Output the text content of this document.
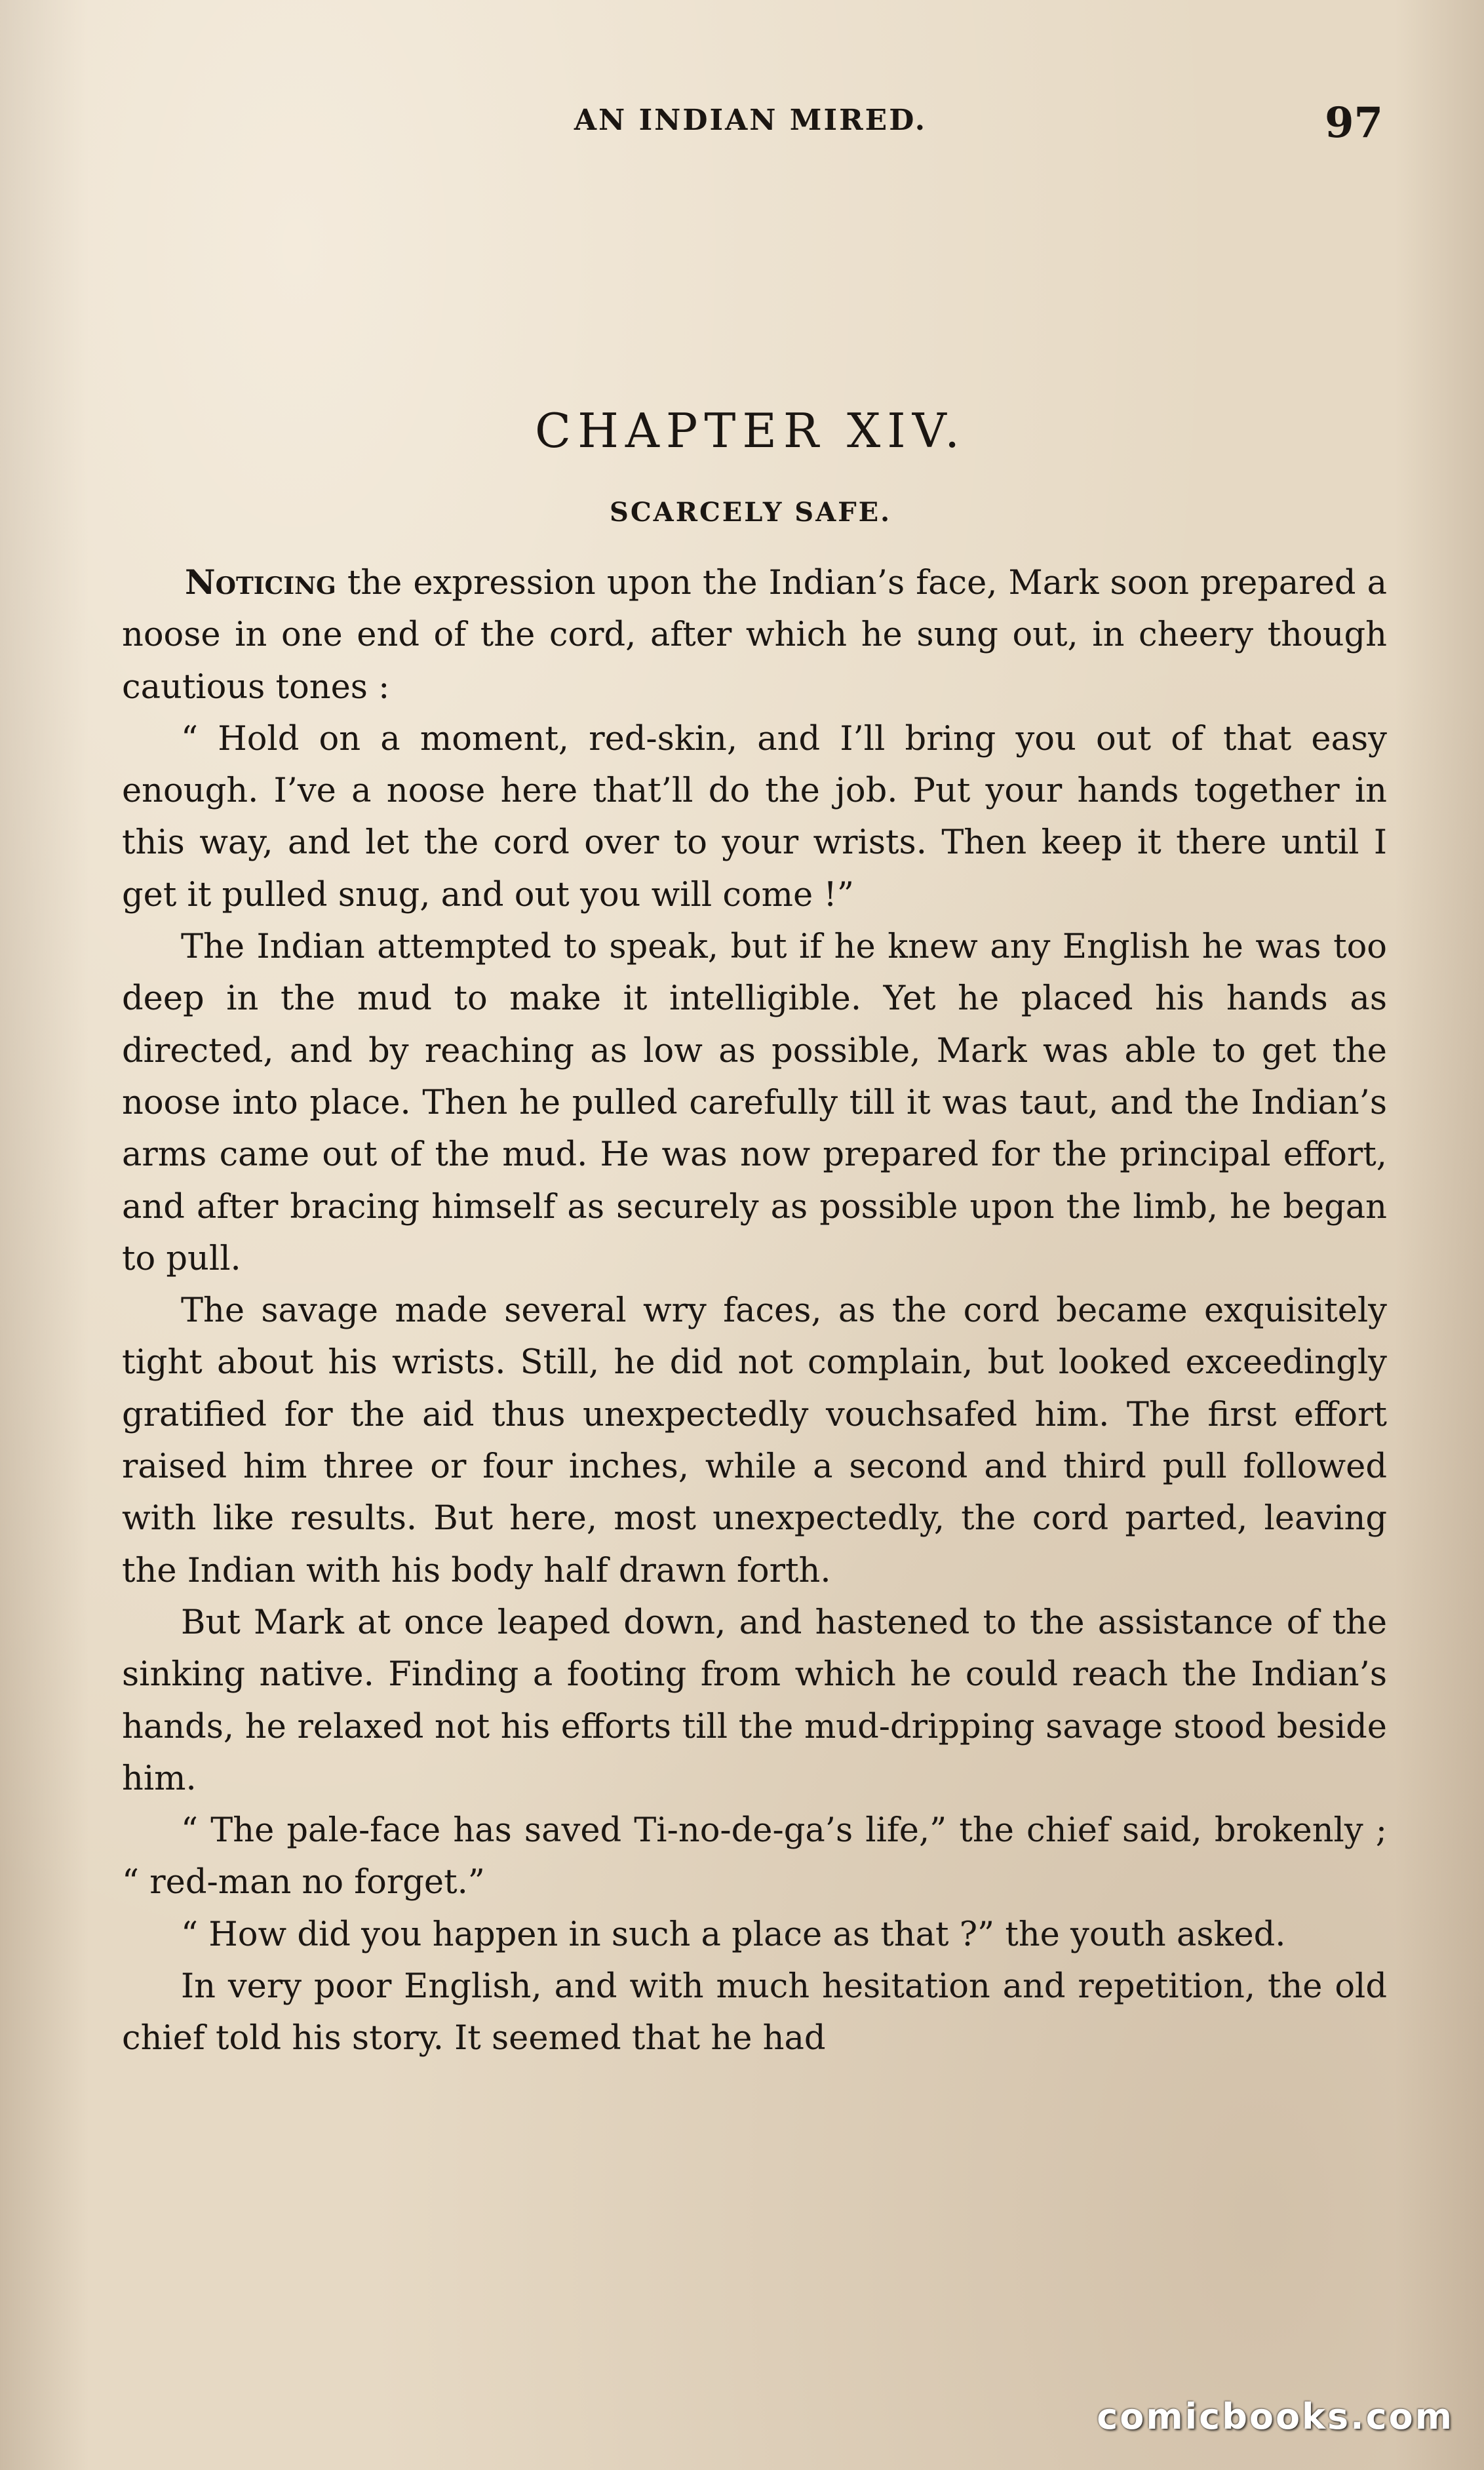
AN INDIAN MIRED.	97
CHAPTER XIV.
SCARCELY SAFE.

Noticing the expression upon the Indian’s face, Mark soon prepared a noose in one end of the cord, after which he sung out, in cheery though cautious tones :

“ Hold on a moment, red-skin, and I’ll bring you out of that easy enough. I’ve a noose here that’ll do the job. Put your hands together in this way, and let the cord over to your wrists. Then keep it there until I get it pulled snug, and out you will come !”

The Indian attempted to speak, but if he knew any English he was too deep in the mud to make it intelligible. Yet he placed his hands as directed, and by reaching as low as possible, Mark was able to get the noose into place. Then he pulled carefully till it was taut, and the Indian’s arms came out of the mud. He was now prepared for the principal effort, and after bracing himself as securely as possible upon the limb, he began to pull.

The savage made several wry faces, as the cord became exquisitely tight about his wrists. Still, he did not complain, but looked exceedingly gratified for the aid thus unexpectedly vouchsafed him. The first effort raised him three or four inches, while a second and third pull followed with like results. But here, most unexpectedly, the cord parted, leaving the Indian with his body half drawn forth.

But Mark at once leaped down, and hastened to the assistance of the sinking native. Finding a footing from which he could reach the Indian’s hands, he relaxed not his efforts till the mud-dripping savage stood beside him.

“ The pale-face has saved Ti-no-de-ga’s life,” the chief said, brokenly ; “ red-man no forget.”

“ How did you happen in such a place as that ?” the youth asked.

In very poor English, and with much hesitation and repetition, the old chief told his story. It seemed that he had

comicbooks.com
